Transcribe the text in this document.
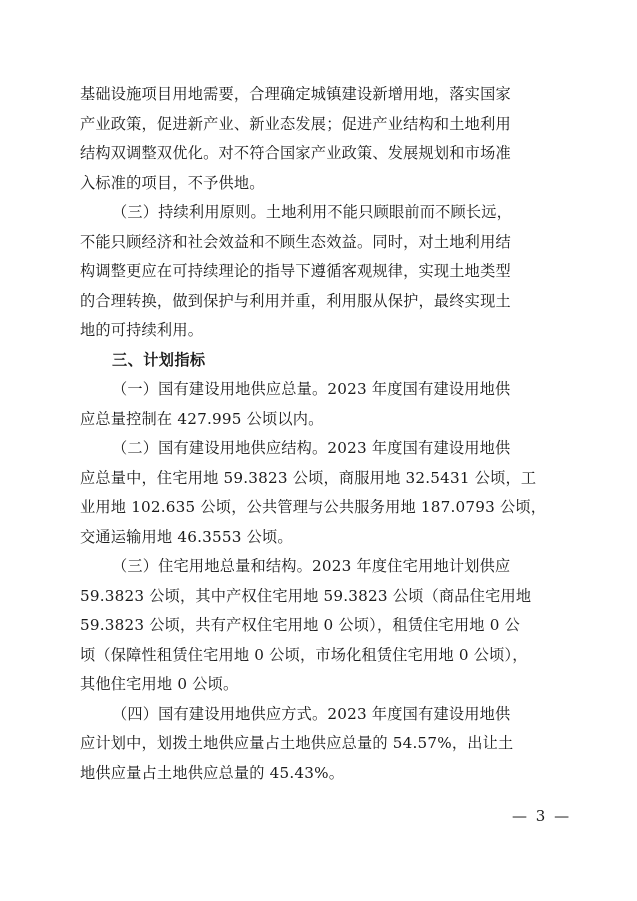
基础设施项目用地需要，合理确定城镇建设新增用地，落实国家
产业政策，促进新产业、新业态发展；促进产业结构和土地利用
结构双调整双优化。对不符合国家产业政策、发展规划和市场准
入标准的项目，不予供地。

（三）持续利用原则。土地利用不能只顾眼前而不顾长远，
不能只顾经济和社会效益和不顾生态效益。同时，对土地利用结
构调整更应在可持续理论的指导下遵循客观规律，实现土地类型
的合理转换，做到保护与利用并重，利用服从保护，最终实现土
地的可持续利用。

三、计划指标

（一）国有建设用地供应总量。2023 年度国有建设用地供
应总量控制在 427.995 公顷以内。

（二）国有建设用地供应结构。2023 年度国有建设用地供
应总量中，住宅用地 59.3823 公顷，商服用地 32.5431 公顷，工
业用地 102.635 公顷，公共管理与公共服务用地 187.0793 公顷，
交通运输用地 46.3553 公顷。

（三）住宅用地总量和结构。2023 年度住宅用地计划供应
59.3823 公顷，其中产权住宅用地 59.3823 公顷（商品住宅用地
59.3823 公顷，共有产权住宅用地 0 公顷），租赁住宅用地 0 公
顷（保障性租赁住宅用地 0 公顷，市场化租赁住宅用地 0 公顷），
其他住宅用地 0 公顷。

（四）国有建设用地供应方式。2023 年度国有建设用地供
应计划中，划拨土地供应量占土地供应总量的 54.57%，出让土
地供应量占土地供应总量的 45.43%。

— 3 —
